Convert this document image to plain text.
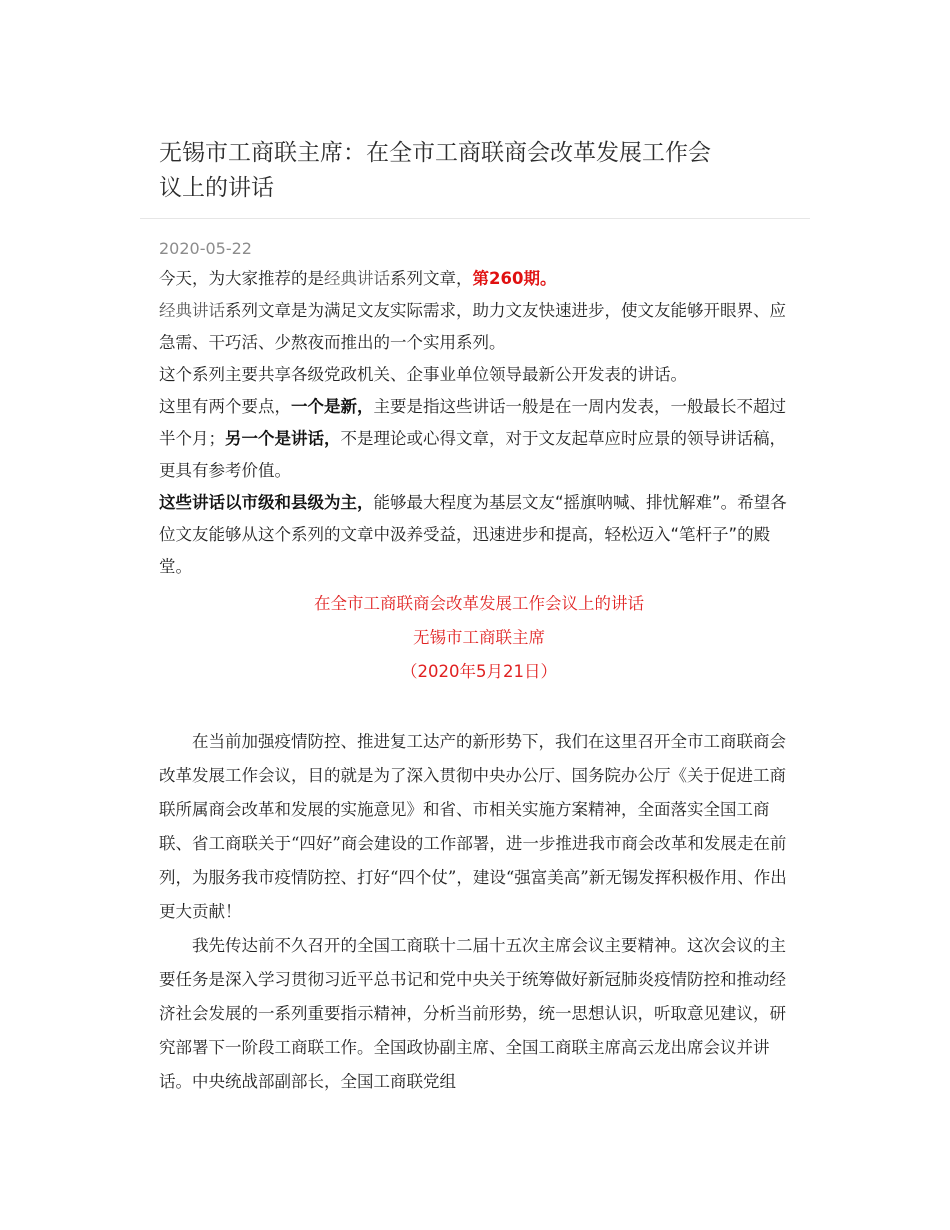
无锡市工商联主席：在全市工商联商会改革发展工作会
议上的讲话
2020-05-22

今天，为大家推荐的是经典讲话系列文章，第260期。

经典讲话系列文章是为满足文友实际需求，助力文友快速进步，使文友能够开眼界、应急需、干巧活、少熬夜而推出的一个实用系列。

这个系列主要共享各级党政机关、企事业单位领导最新公开发表的讲话。

这里有两个要点，一个是新，主要是指这些讲话一般是在一周内发表，一般最长不超过半个月；另一个是讲话，不是理论或心得文章，对于文友起草应时应景的领导讲话稿，更具有参考价值。

这些讲话以市级和县级为主，能够最大程度为基层文友“摇旗呐喊、排忧解难”。希望各位文友能够从这个系列的文章中汲养受益，迅速进步和提高，轻松迈入“笔杆子”的殿堂。

在全市工商联商会改革发展工作会议上的讲话
无锡市工商联主席
（2020年5月21日）

在当前加强疫情防控、推进复工达产的新形势下，我们在这里召开全市工商联商会改革发展工作会议，目的就是为了深入贯彻中央办公厅、国务院办公厅《关于促进工商联所属商会改革和发展的实施意见》和省、市相关实施方案精神，全面落实全国工商联、省工商联关于“四好”商会建设的工作部署，进一步推进我市商会改革和发展走在前列，为服务我市疫情防控、打好“四个仗”，建设“强富美高”新无锡发挥积极作用、作出更大贡献！

我先传达前不久召开的全国工商联十二届十五次主席会议主要精神。这次会议的主要任务是深入学习贯彻习近平总书记和党中央关于统筹做好新冠肺炎疫情防控和推动经济社会发展的一系列重要指示精神，分析当前形势，统一思想认识，听取意见建议，研究部署下一阶段工商联工作。全国政协副主席、全国工商联主席高云龙出席会议并讲话。中央统战部副部长，全国工商联党组
